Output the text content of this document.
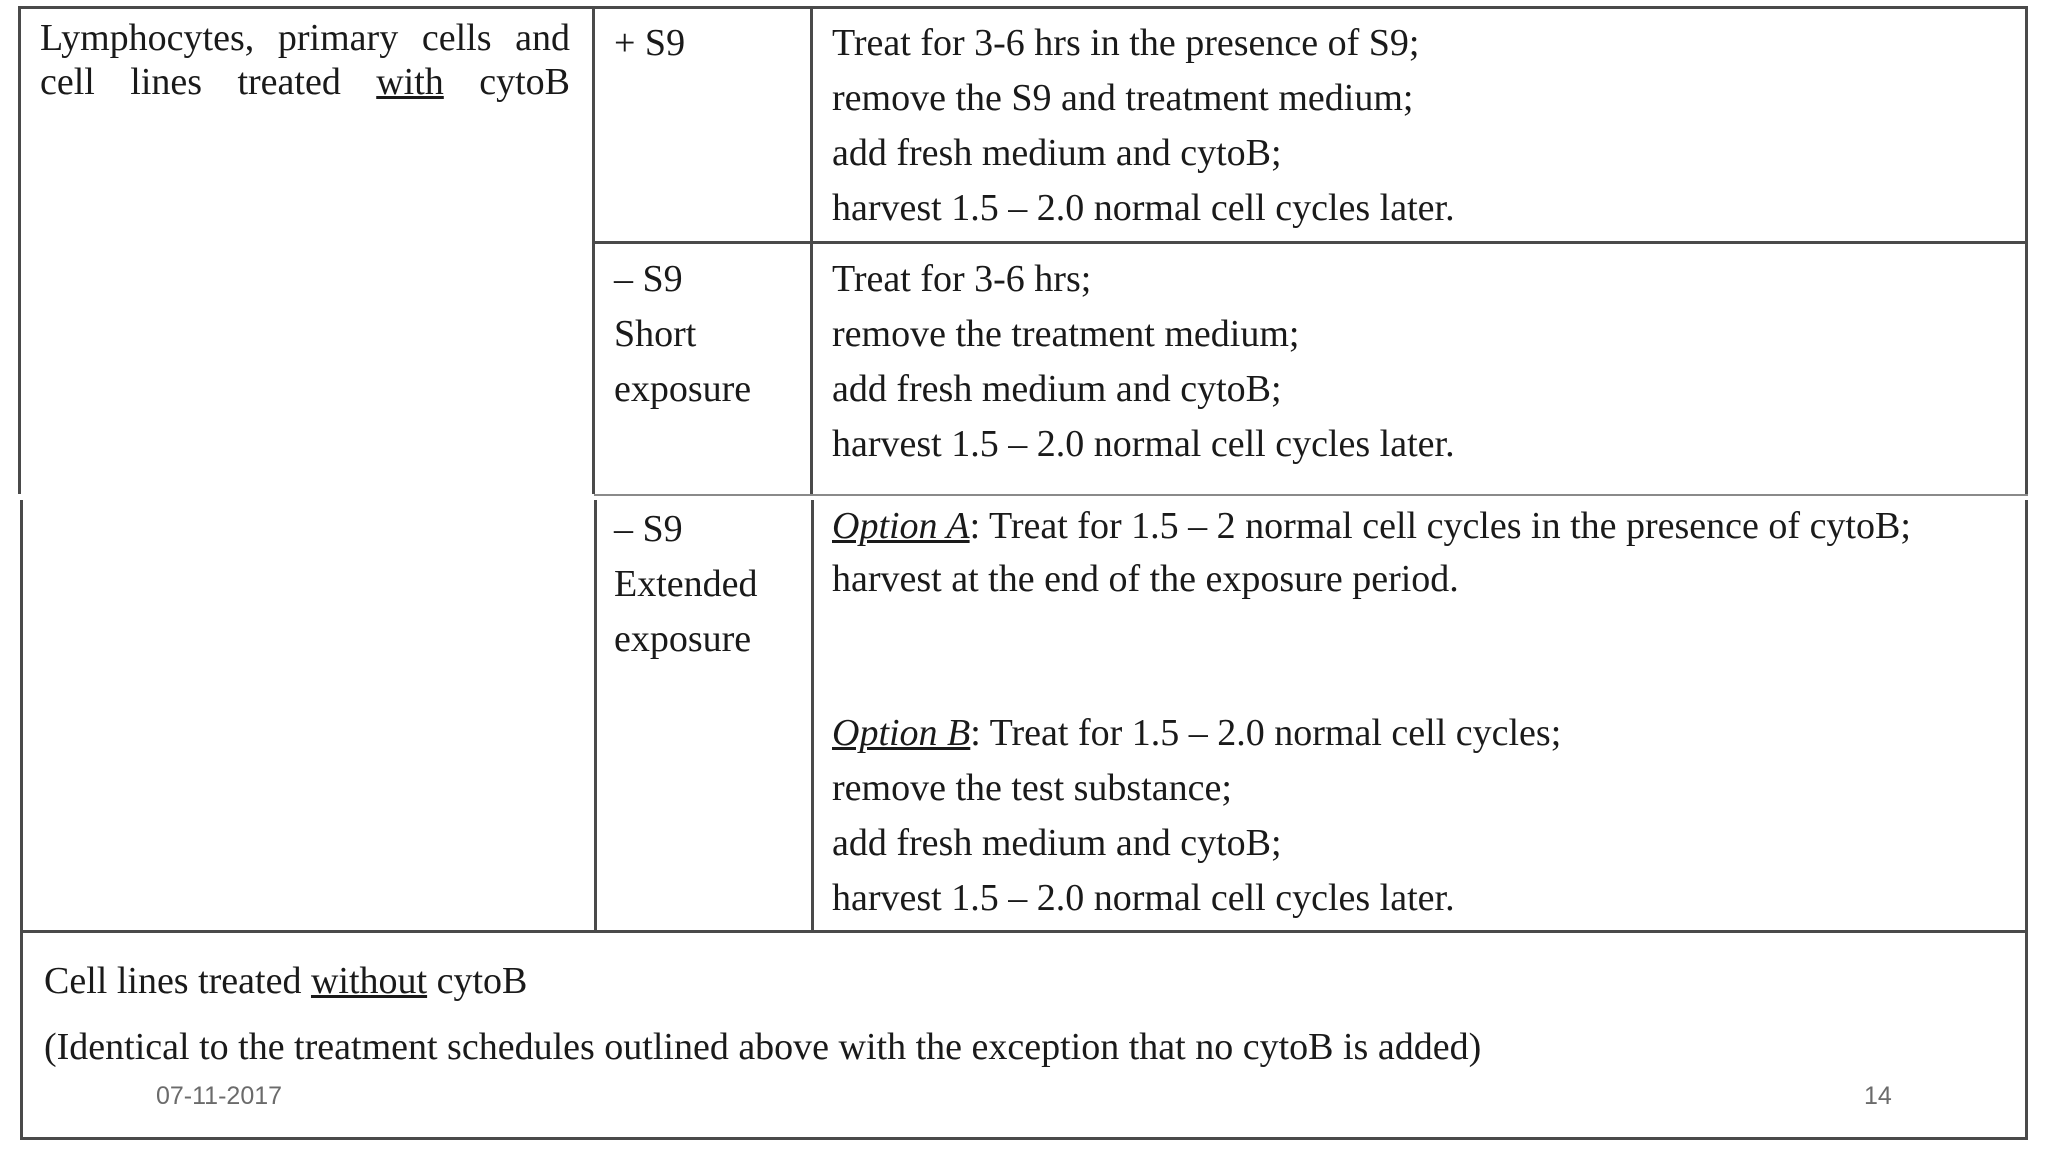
Lymphocytes, primary cells and cell lines treated with cytoB
+ S9
– S9
Short
exposure
– S9
Extended
exposure
Treat for 3-6 hrs in the presence of S9;
remove the S9 and treatment medium;
add fresh medium and cytoB;
harvest 1.5 – 2.0 normal cell cycles later.
Treat for 3-6 hrs;
remove the treatment medium;
add fresh medium and cytoB;
harvest 1.5 – 2.0 normal cell cycles later.
Option A: Treat for 1.5 – 2 normal cell cycles in the presence of cytoB;
harvest at the end of the exposure period.
Option B: Treat for 1.5 – 2.0 normal cell cycles;
remove the test substance;
add fresh medium and cytoB;
harvest 1.5 – 2.0 normal cell cycles later.
Cell lines treated without cytoB
(Identical to the treatment schedules outlined above with the exception that no cytoB is added)
07-11-2017	14
